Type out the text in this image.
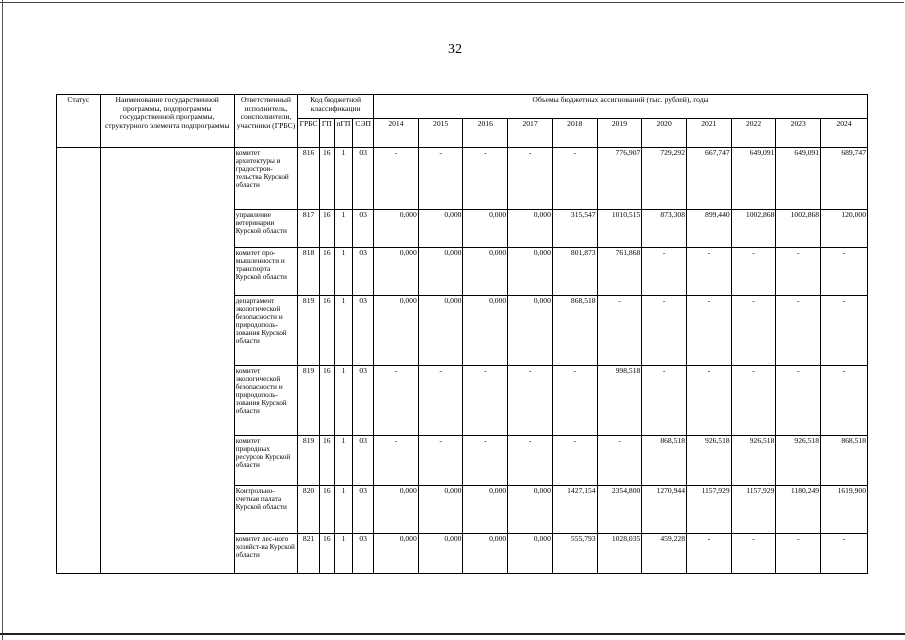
32
Статус	Наименование государственной программы, подпрограммы государственной программы, структурного элемента подпрограммы	Ответственный исполнитель, соисполнители, участники (ГРБС)	Код бюджетной классификации				Объемы бюджетных ассигнований (тыс. рублей), годы										
			ГРБС	ГП	пГП	СЭП	2014	2015	2016	2017	2018	2019	2020	2021	2022	2023	2024
		комитет архитектуры и градострои-тельства Курской области	816	16	1	03	-	-	-	-	-	776,907	729,292	667,747	649,091	649,091	689,747
		управление ветеринарии Курской области	817	16	1	03	0,000	0,000	0,000	0,000	315,547	1010,515	873,308	899,440	1002,868	1002,868	120,000
		комитет про-мышленности и транспорта Курской области	818	16	1	03	0,000	0,000	0,000	0,000	801,873	761,868	-	-	-	-	-
		департамент экологической безопасности и природополь-зования Курской области	819	16	1	03	0,000	0,000	0,000	0,000	868,518	-	-	-	-	-	-
		комитет экологической безопасности и природополь-зования Курской области	819	16	1	03	-	-	-	-	-	998,518	-	-	-	-	-
		комитет природных ресурсов Курской области	819	16	1	03	-	-	-	-	-	-	868,518	926,518	926,518	926,518	868,518
		Контрольно-счетная палата Курской области	820	16	1	03	0,000	0,000	0,000	0,000	1427,154	2354,800	1270,944	1157,929	1157,929	1180,249	1619,900
		комитет лес-ного хозяйст-ва Курской области	821	16	1	03	0,000	0,000	0,000	0,000	555,793	1028,035	459,228	-	-	-	-
